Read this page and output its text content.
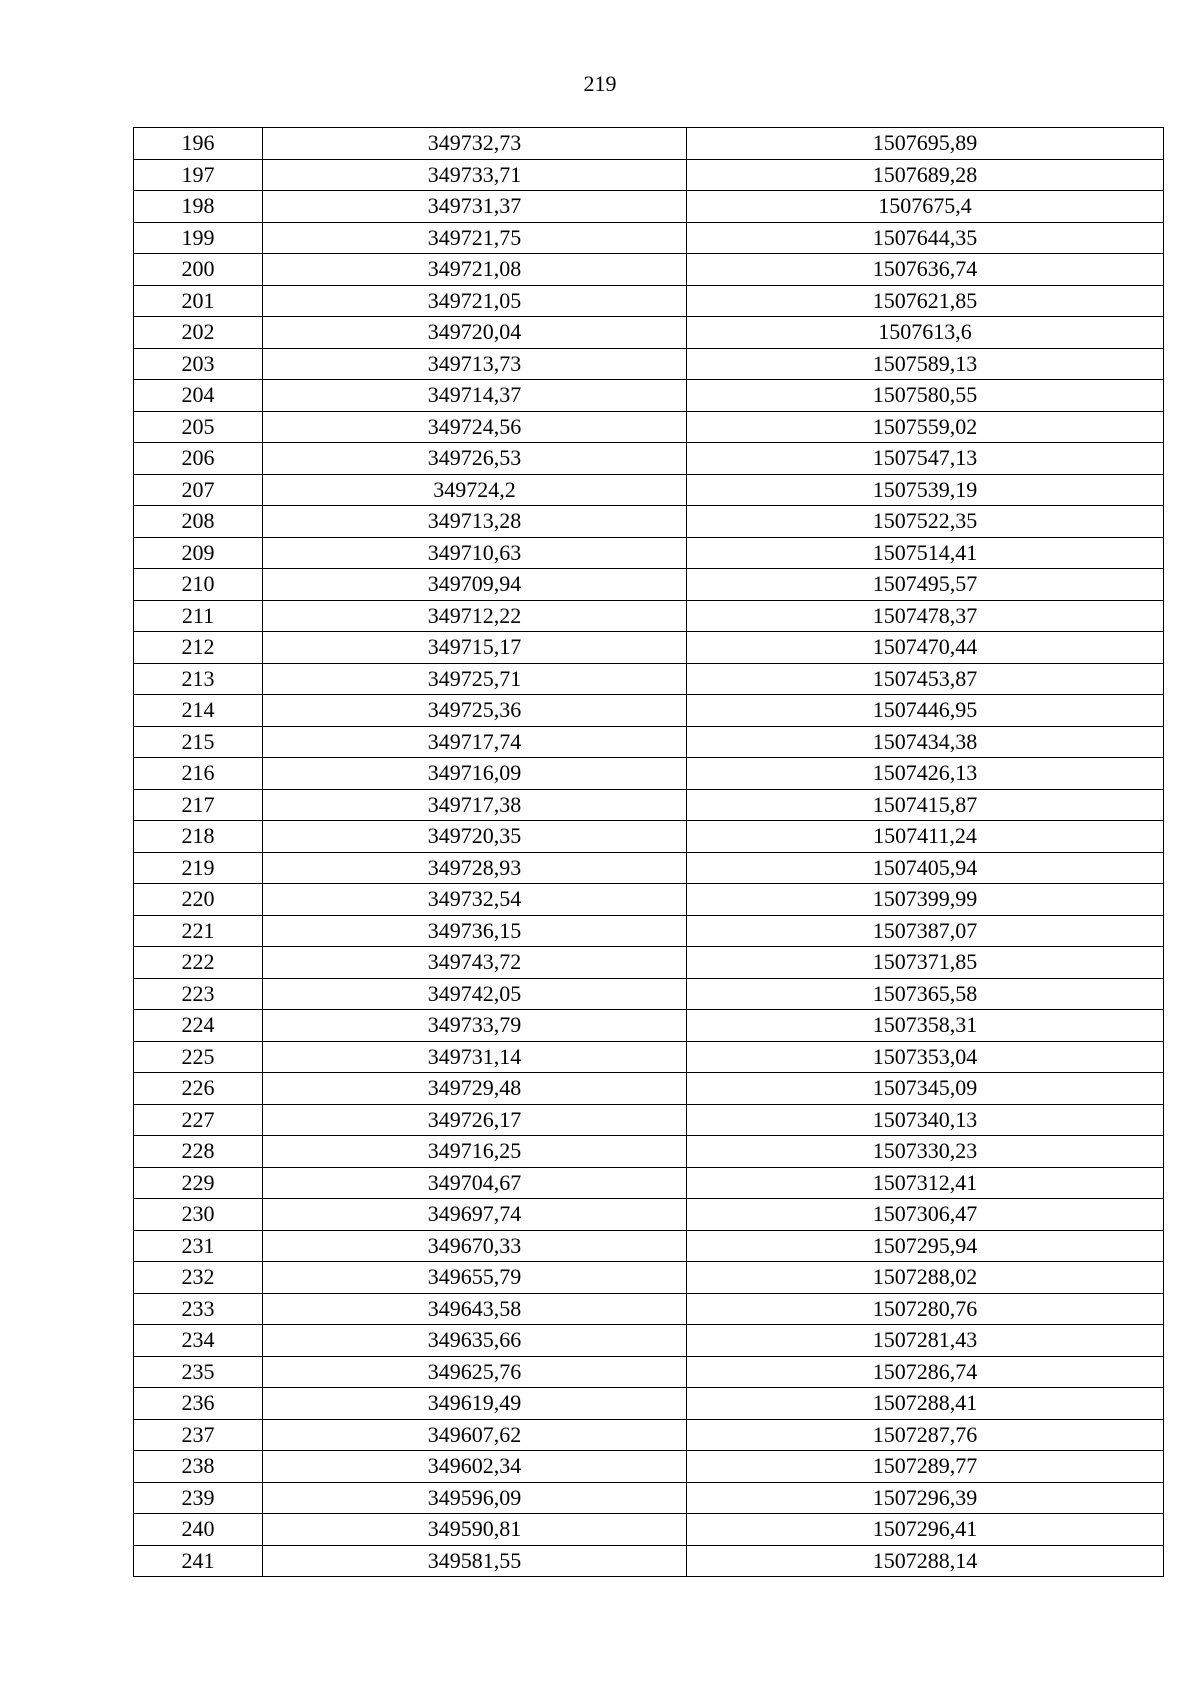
219
196	349732,73	1507695,89
197	349733,71	1507689,28
198	349731,37	1507675,4
199	349721,75	1507644,35
200	349721,08	1507636,74
201	349721,05	1507621,85
202	349720,04	1507613,6
203	349713,73	1507589,13
204	349714,37	1507580,55
205	349724,56	1507559,02
206	349726,53	1507547,13
207	349724,2	1507539,19
208	349713,28	1507522,35
209	349710,63	1507514,41
210	349709,94	1507495,57
211	349712,22	1507478,37
212	349715,17	1507470,44
213	349725,71	1507453,87
214	349725,36	1507446,95
215	349717,74	1507434,38
216	349716,09	1507426,13
217	349717,38	1507415,87
218	349720,35	1507411,24
219	349728,93	1507405,94
220	349732,54	1507399,99
221	349736,15	1507387,07
222	349743,72	1507371,85
223	349742,05	1507365,58
224	349733,79	1507358,31
225	349731,14	1507353,04
226	349729,48	1507345,09
227	349726,17	1507340,13
228	349716,25	1507330,23
229	349704,67	1507312,41
230	349697,74	1507306,47
231	349670,33	1507295,94
232	349655,79	1507288,02
233	349643,58	1507280,76
234	349635,66	1507281,43
235	349625,76	1507286,74
236	349619,49	1507288,41
237	349607,62	1507287,76
238	349602,34	1507289,77
239	349596,09	1507296,39
240	349590,81	1507296,41
241	349581,55	1507288,14
